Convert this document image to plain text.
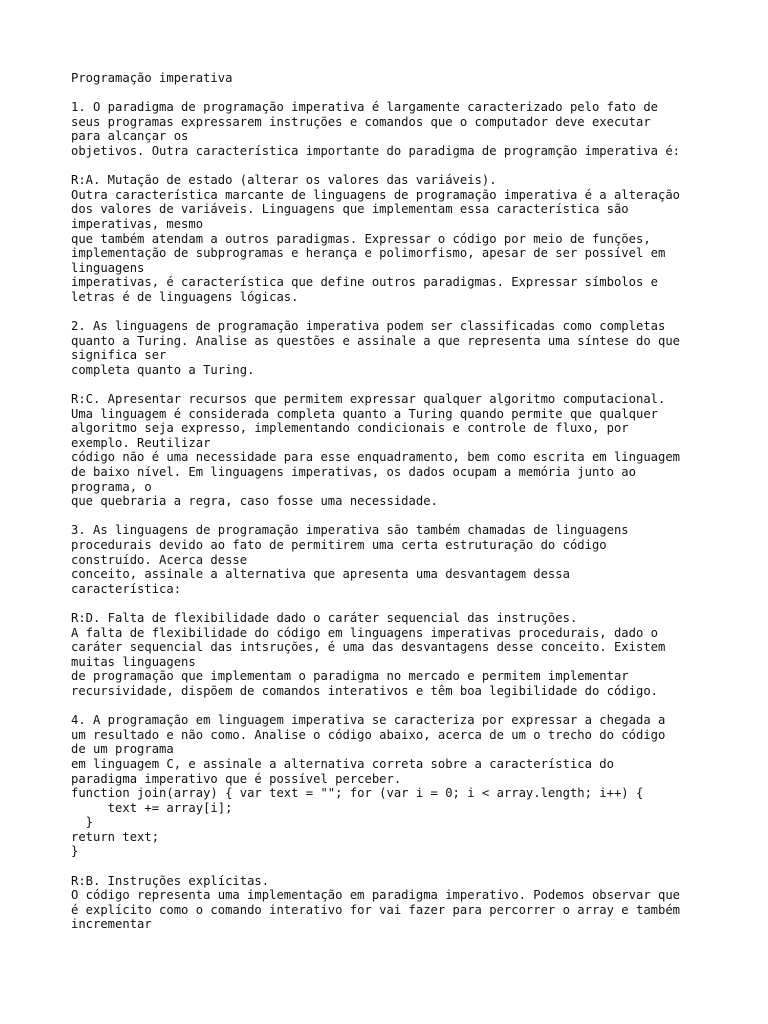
Programação imperativa
1. O paradigma de programação imperativa é largamente caracterizado pelo fato de
seus programas expressarem instruções e comandos que o computador deve executar
para alcançar os
objetivos. Outra característica importante do paradigma de programção imperativa é:
R:A. Mutação de estado (alterar os valores das variáveis).
Outra característica marcante de linguagens de programação imperativa é a alteração
dos valores de variáveis. Linguagens que implementam essa característica são
imperativas, mesmo
que também atendam a outros paradigmas. Expressar o código por meio de funções,
implementação de subprogramas e herança e polimorfismo, apesar de ser possível em
linguagens
imperativas, é característica que define outros paradigmas. Expressar símbolos e
letras é de linguagens lógicas.
2. As linguagens de programação imperativa podem ser classificadas como completas
quanto a Turing. Analise as questões e assinale a que representa uma síntese do que
significa ser
completa quanto a Turing.
R:C. Apresentar recursos que permitem expressar qualquer algoritmo computacional.
Uma linguagem é considerada completa quanto a Turing quando permite que qualquer
algoritmo seja expresso, implementando condicionais e controle de fluxo, por
exemplo. Reutilizar
código não é uma necessidade para esse enquadramento, bem como escrita em linguagem
de baixo nível. Em linguagens imperativas, os dados ocupam a memória junto ao
programa, o
que quebraria a regra, caso fosse uma necessidade.
3. As linguagens de programação imperativa são também chamadas de linguagens
procedurais devido ao fato de permitirem uma certa estruturação do código
construído. Acerca desse
conceito, assinale a alternativa que apresenta uma desvantagem dessa
característica:
R:D. Falta de flexibilidade dado o caráter sequencial das instruções.
A falta de flexibilidade do código em linguagens imperativas procedurais, dado o
caráter sequencial das intsruções, é uma das desvantagens desse conceito. Existem
muitas linguagens
de programação que implementam o paradigma no mercado e permitem implementar
recursividade, dispõem de comandos interativos e têm boa legibilidade do código.
4. A programação em linguagem imperativa se caracteriza por expressar a chegada a
um resultado e não como. Analise o código abaixo, acerca de um o trecho do código
de um programa
em linguagem C, e assinale a alternativa correta sobre a característica do
paradigma imperativo que é possível perceber.
function join(array) { var text = ""; for (var i = 0; i < array.length; i++) {
text += array[i];
}
return text;
}
R:B. Instruções explícitas.
O código representa uma implementação em paradigma imperativo. Podemos observar que
é explícito como o comando interativo for vai fazer para percorrer o array e também
incrementar
